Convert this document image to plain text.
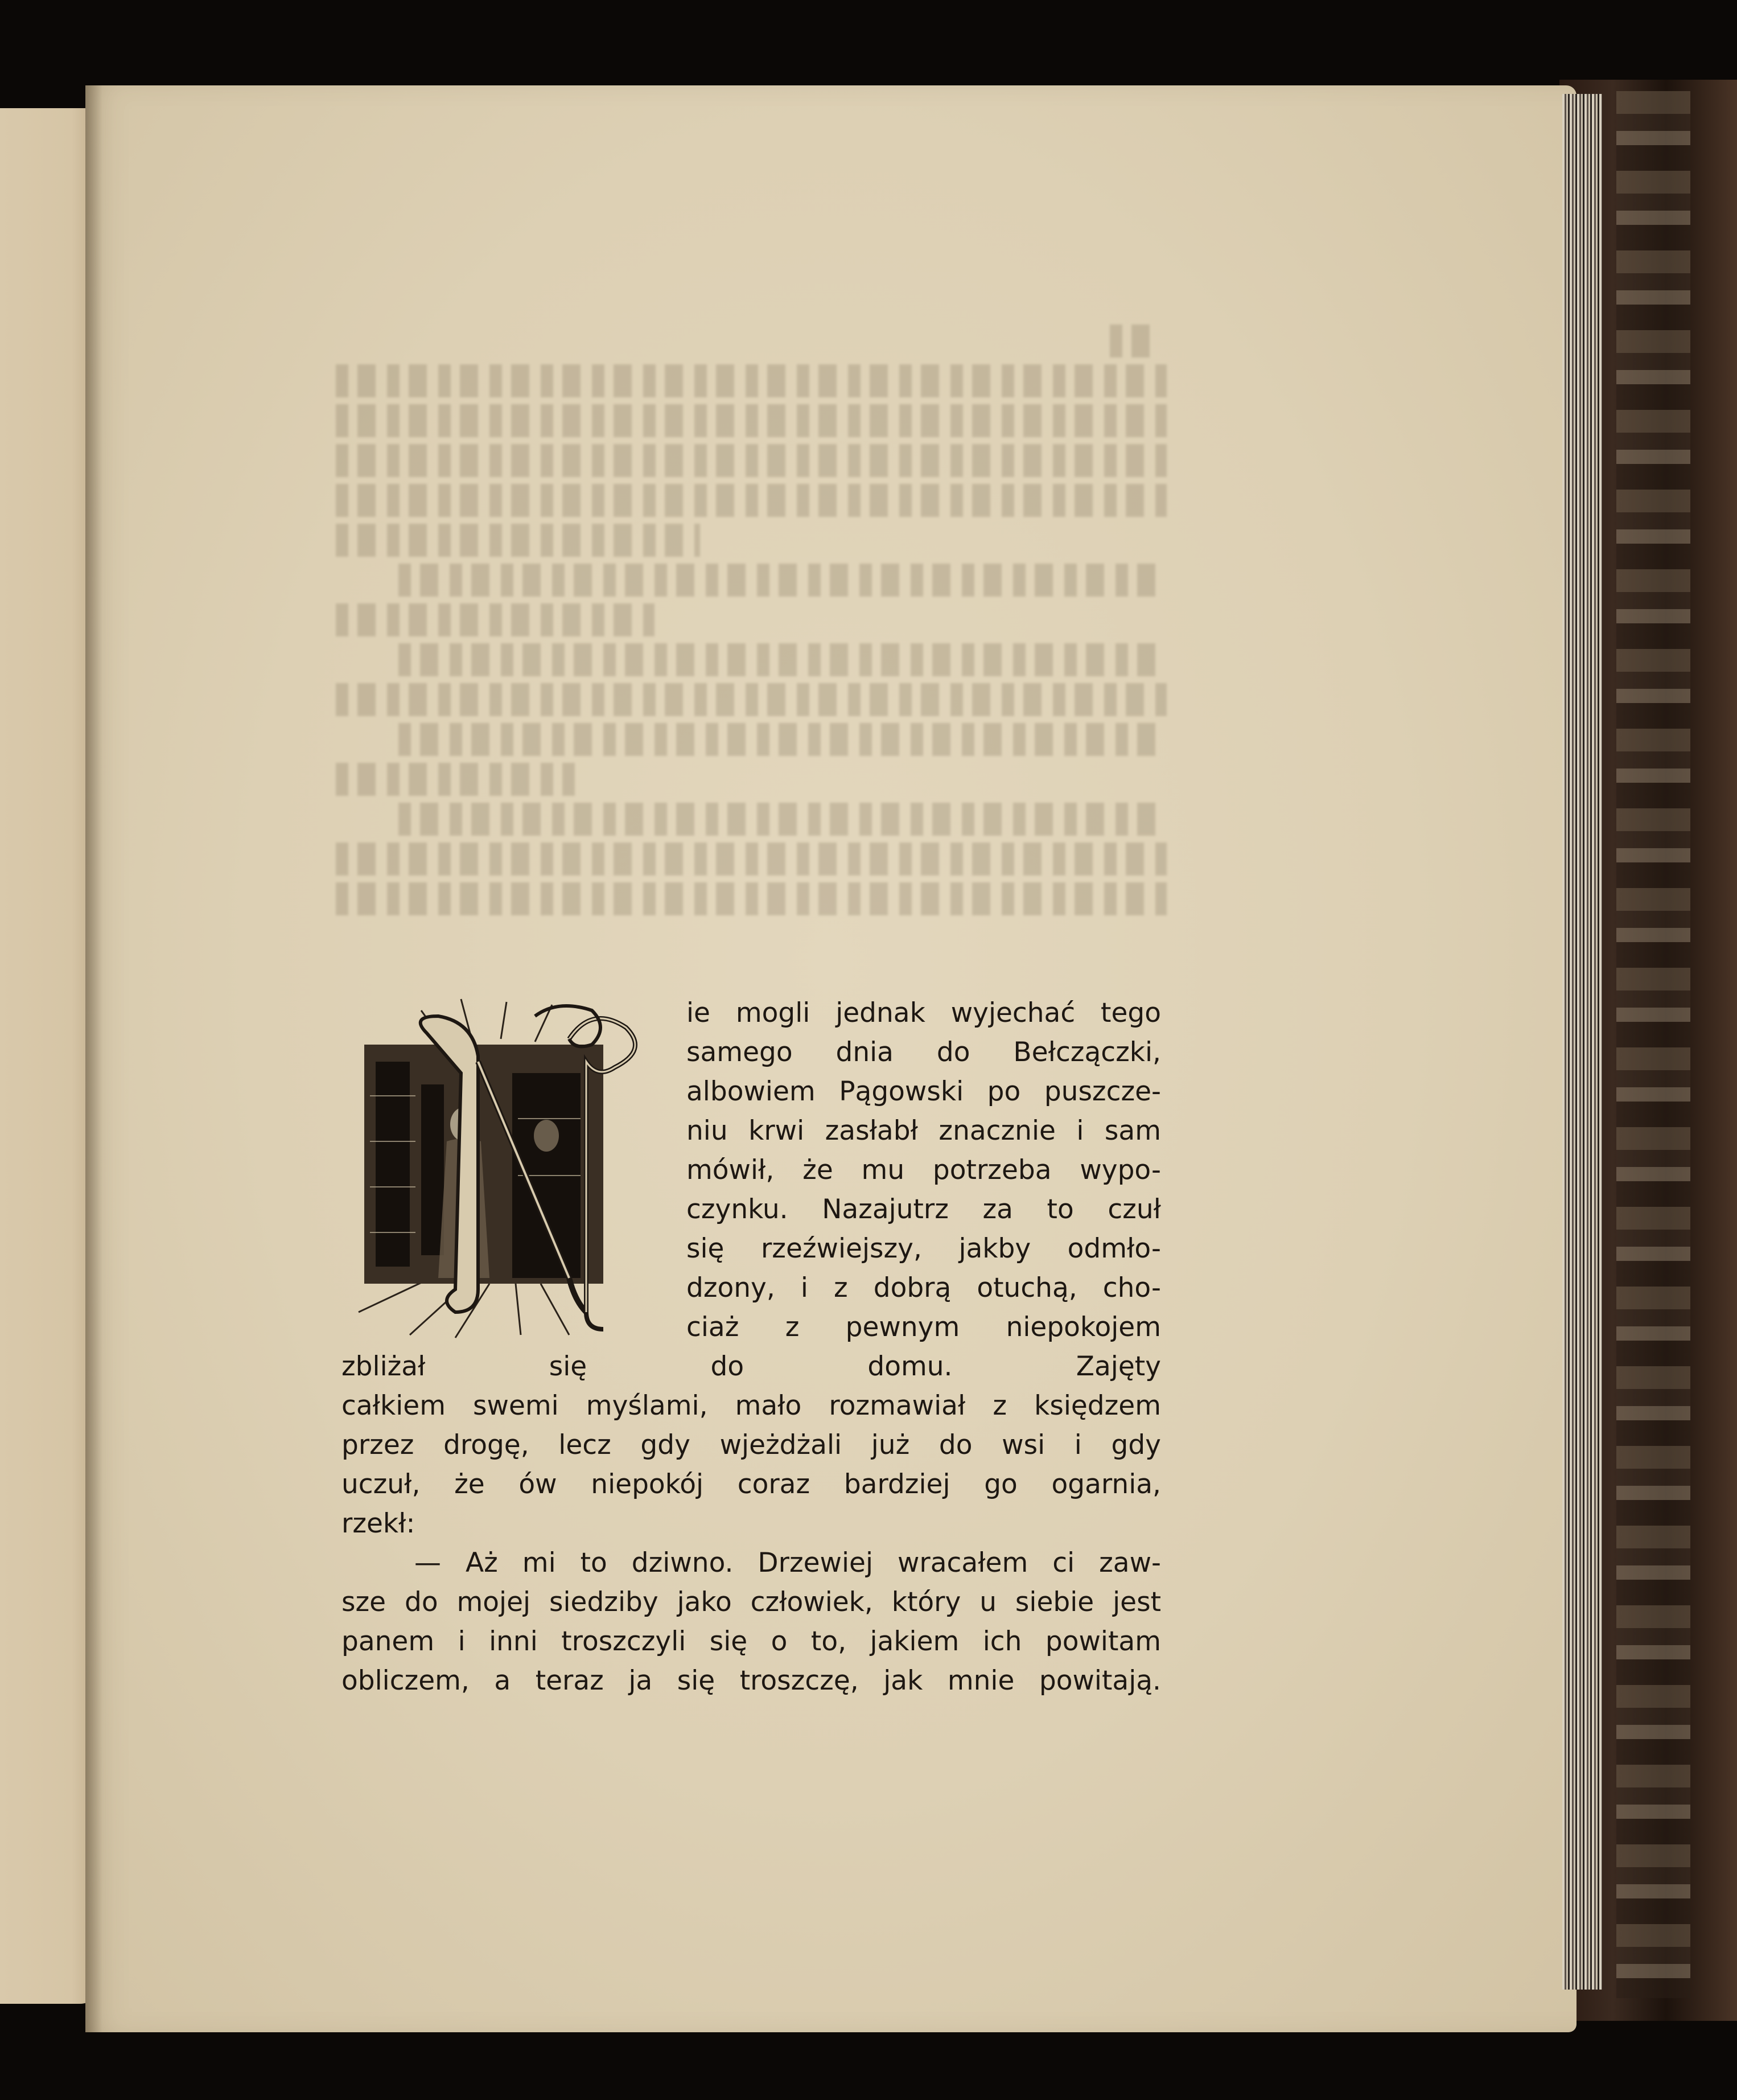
ie mogli jednak wyjechać tego
samego dnia do Bełczączki,
albowiem Pągowski po puszcze-
niu krwi zasłabł znacznie i sam
mówił, że mu potrzeba wypo-
czynku. Nazajutrz za to czuł
się rzeźwiejszy, jakby odmło-
dzony, i z dobrą otuchą, cho-
ciaż z pewnym niepokojem
zbliżał się do domu. Zajęty
całkiem swemi myślami, mało rozmawiał z księdzem
przez drogę, lecz gdy wjeżdżali już do wsi i gdy
uczuł, że ów niepokój coraz bardziej go ogarnia,
rzekł:

— Aż mi to dziwno. Drzewiej wracałem ci zaw-
sze do mojej siedziby jako człowiek, który u siebie jest
panem i inni troszczyli się o to, jakiem ich powitam
obliczem, a teraz ja się troszczę, jak mnie powitają.
